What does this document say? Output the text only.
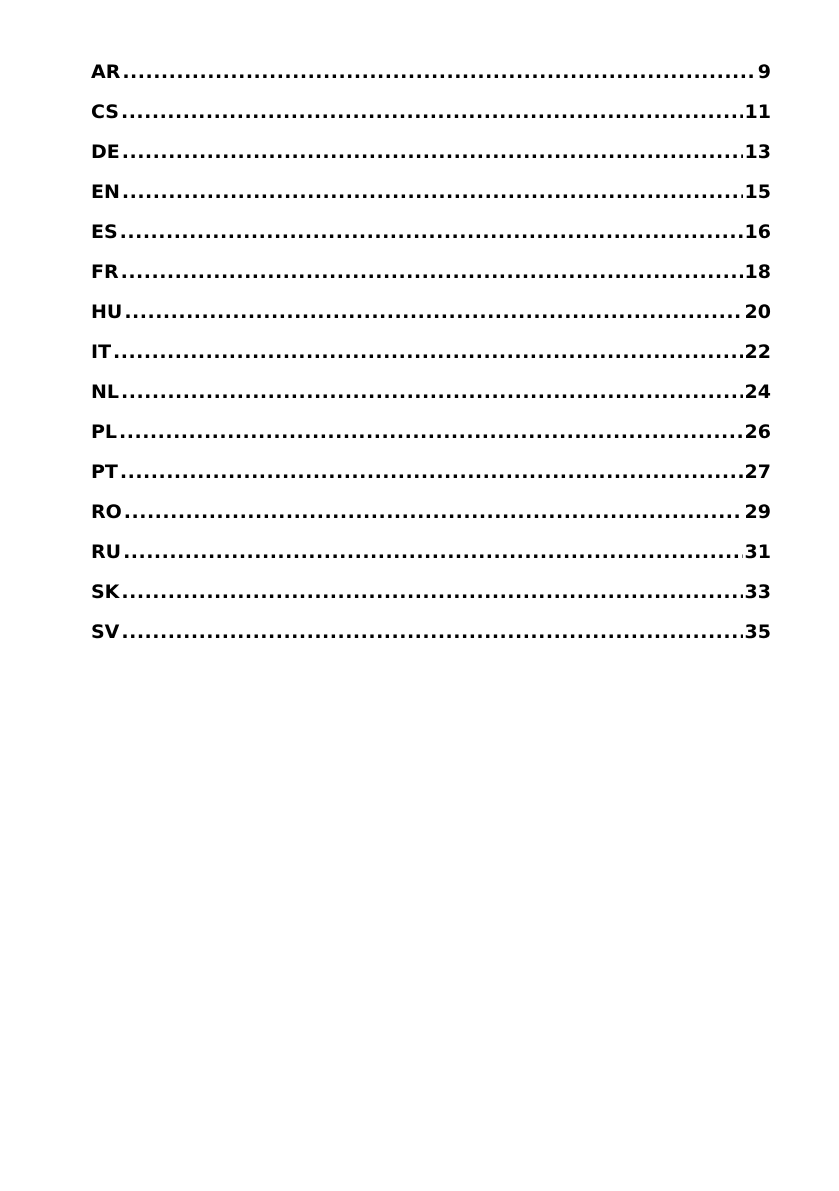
AR .....	9
CS .....	11
DE .....	13
EN .....	15
ES .....	16
FR .....	18
HU .....	20
IT .....	22
NL .....	24
PL .....	26
PT .....	27
RO .....	29
RU .....	31
SK .....	33
SV .....	35
